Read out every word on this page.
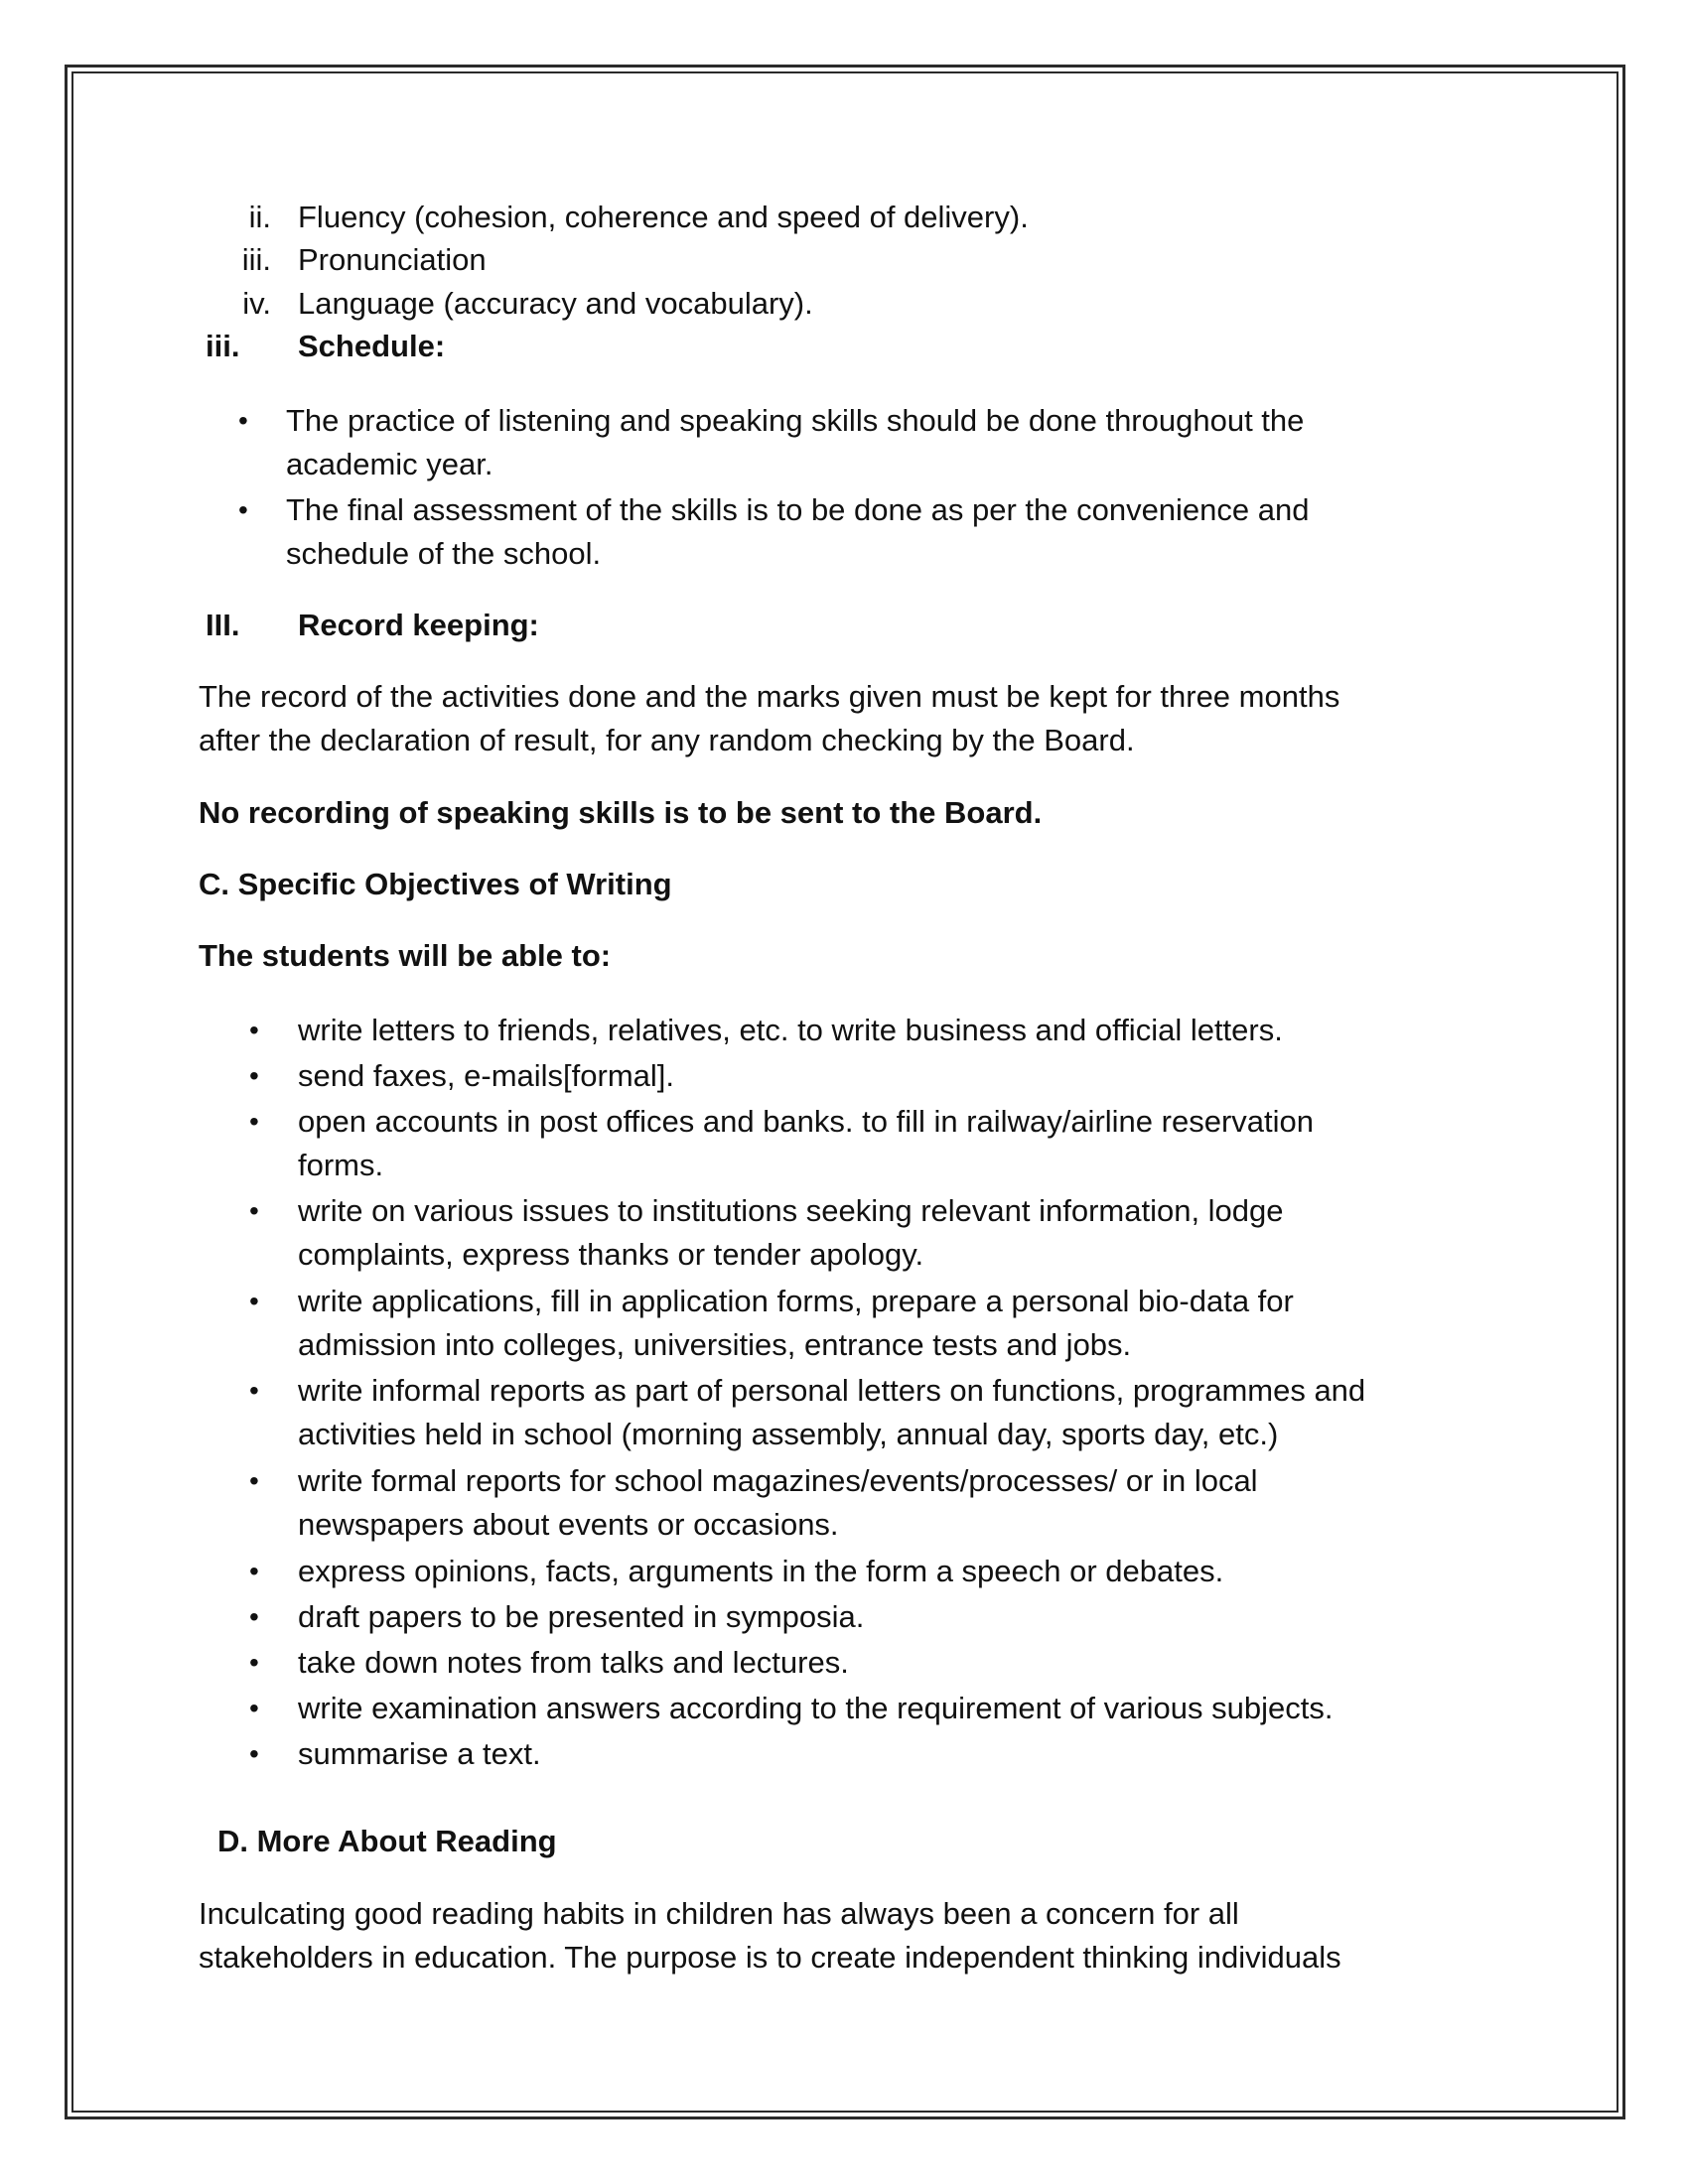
ii. Fluency (cohesion, coherence and speed of delivery).
iii. Pronunciation
iv. Language (accuracy and vocabulary).
iii. Schedule:
• The practice of listening and speaking skills should be done throughout the
academic year.
• The final assessment of the skills is to be done as per the convenience and
schedule of the school.
III. Record keeping:
The record of the activities done and the marks given must be kept for three months
after the declaration of result, for any random checking by the Board.
No recording of speaking skills is to be sent to the Board.
C. Specific Objectives of Writing
The students will be able to:
• write letters to friends, relatives, etc. to write business and official letters.
• send faxes, e-mails[formal].
• open accounts in post offices and banks. to fill in railway/airline reservation
forms.
• write on various issues to institutions seeking relevant information, lodge
complaints, express thanks or tender apology.
• write applications, fill in application forms, prepare a personal bio-data for
admission into colleges, universities, entrance tests and jobs.
• write informal reports as part of personal letters on functions, programmes and
activities held in school (morning assembly, annual day, sports day, etc.)
• write formal reports for school magazines/events/processes/ or in local
newspapers about events or occasions.
• express opinions, facts, arguments in the form a speech or debates.
• draft papers to be presented in symposia.
• take down notes from talks and lectures.
• write examination answers according to the requirement of various subjects.
• summarise a text.
D. More About Reading
Inculcating good reading habits in children has always been a concern for all
stakeholders in education. The purpose is to create independent thinking individuals
